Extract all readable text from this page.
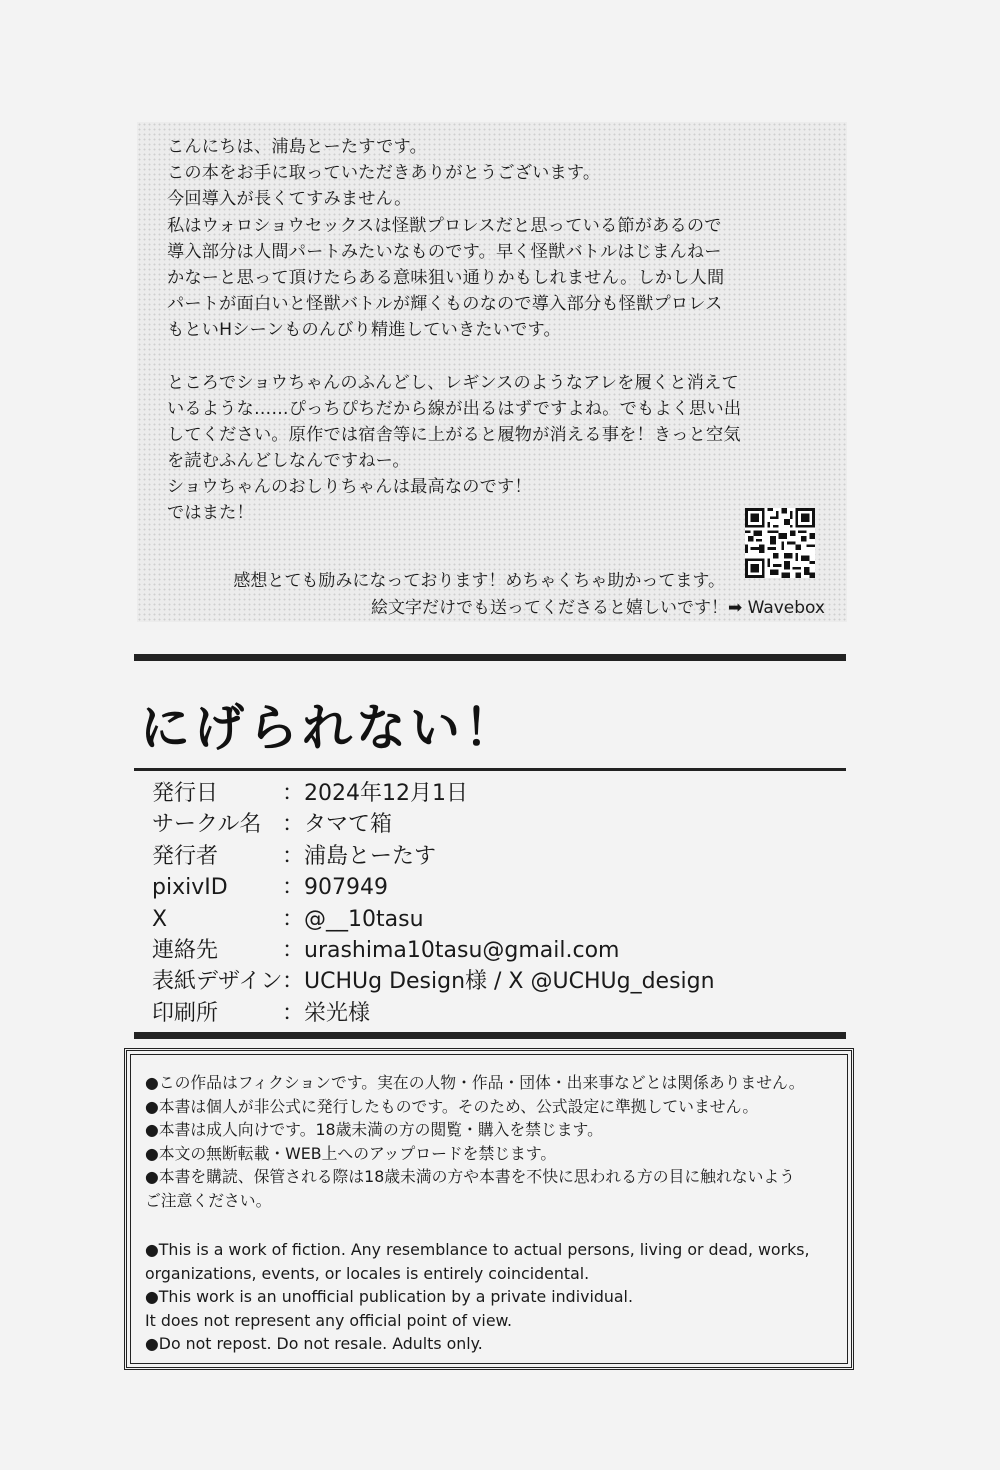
こんにちは、浦島とーたすです。
この本をお手に取っていただきありがとうございます。
今回導入が長くてすみません。
私はウォロショウセックスは怪獣プロレスだと思っている節があるので
導入部分は人間パートみたいなものです。早く怪獣バトルはじまんねー
かなーと思って頂けたらある意味狙い通りかもしれません。しかし人間
パートが面白いと怪獣バトルが輝くものなので導入部分も怪獣プロレス
もといHシーンものんびり精進していきたいです。
ところでショウちゃんのふんどし、レギンスのようなアレを履くと消えて
いるような……ぴっちぴちだから線が出るはずですよね。でもよく思い出
してください。原作では宿舎等に上がると履物が消える事を！きっと空気
を読むふんどしなんですねー。
ショウちゃんのおしりちゃんは最高なのです！
ではまた！
感想とても励みになっております！めちゃくちゃ助かってます。
絵文字だけでも送ってくださると嬉しいです！➡ Wavebox
にげられない！
発行日	：2024年12月1日
サークル名 ：タマて箱
発行者	：浦島とーたす
pixivID ：907949
X	：@__10tasu
連絡先	：urashima10tasu@gmail.com
表紙デザイン ：UCHUg Design様 / X @UCHUg_design
印刷所	：栄光様
●この作品はフィクションです。実在の人物・作品・団体・出来事などとは関係ありません。
●本書は個人が非公式に発行したものです。そのため、公式設定に準拠していません。
●本書は成人向けです。18歳未満の方の閲覧・購入を禁じます。
●本文の無断転載・WEB上へのアップロードを禁じます。
●本書を購読、保管される際は18歳未満の方や本書を不快に思われる方の目に触れないよう
ご注意ください。
●This is a work of fiction. Any resemblance to actual persons, living or dead, works,
organizations, events, or locales is entirely coincidental.
●This work is an unofficial publication by a private individual.
It does not represent any official point of view.
●Do not repost. Do not resale. Adults only.
